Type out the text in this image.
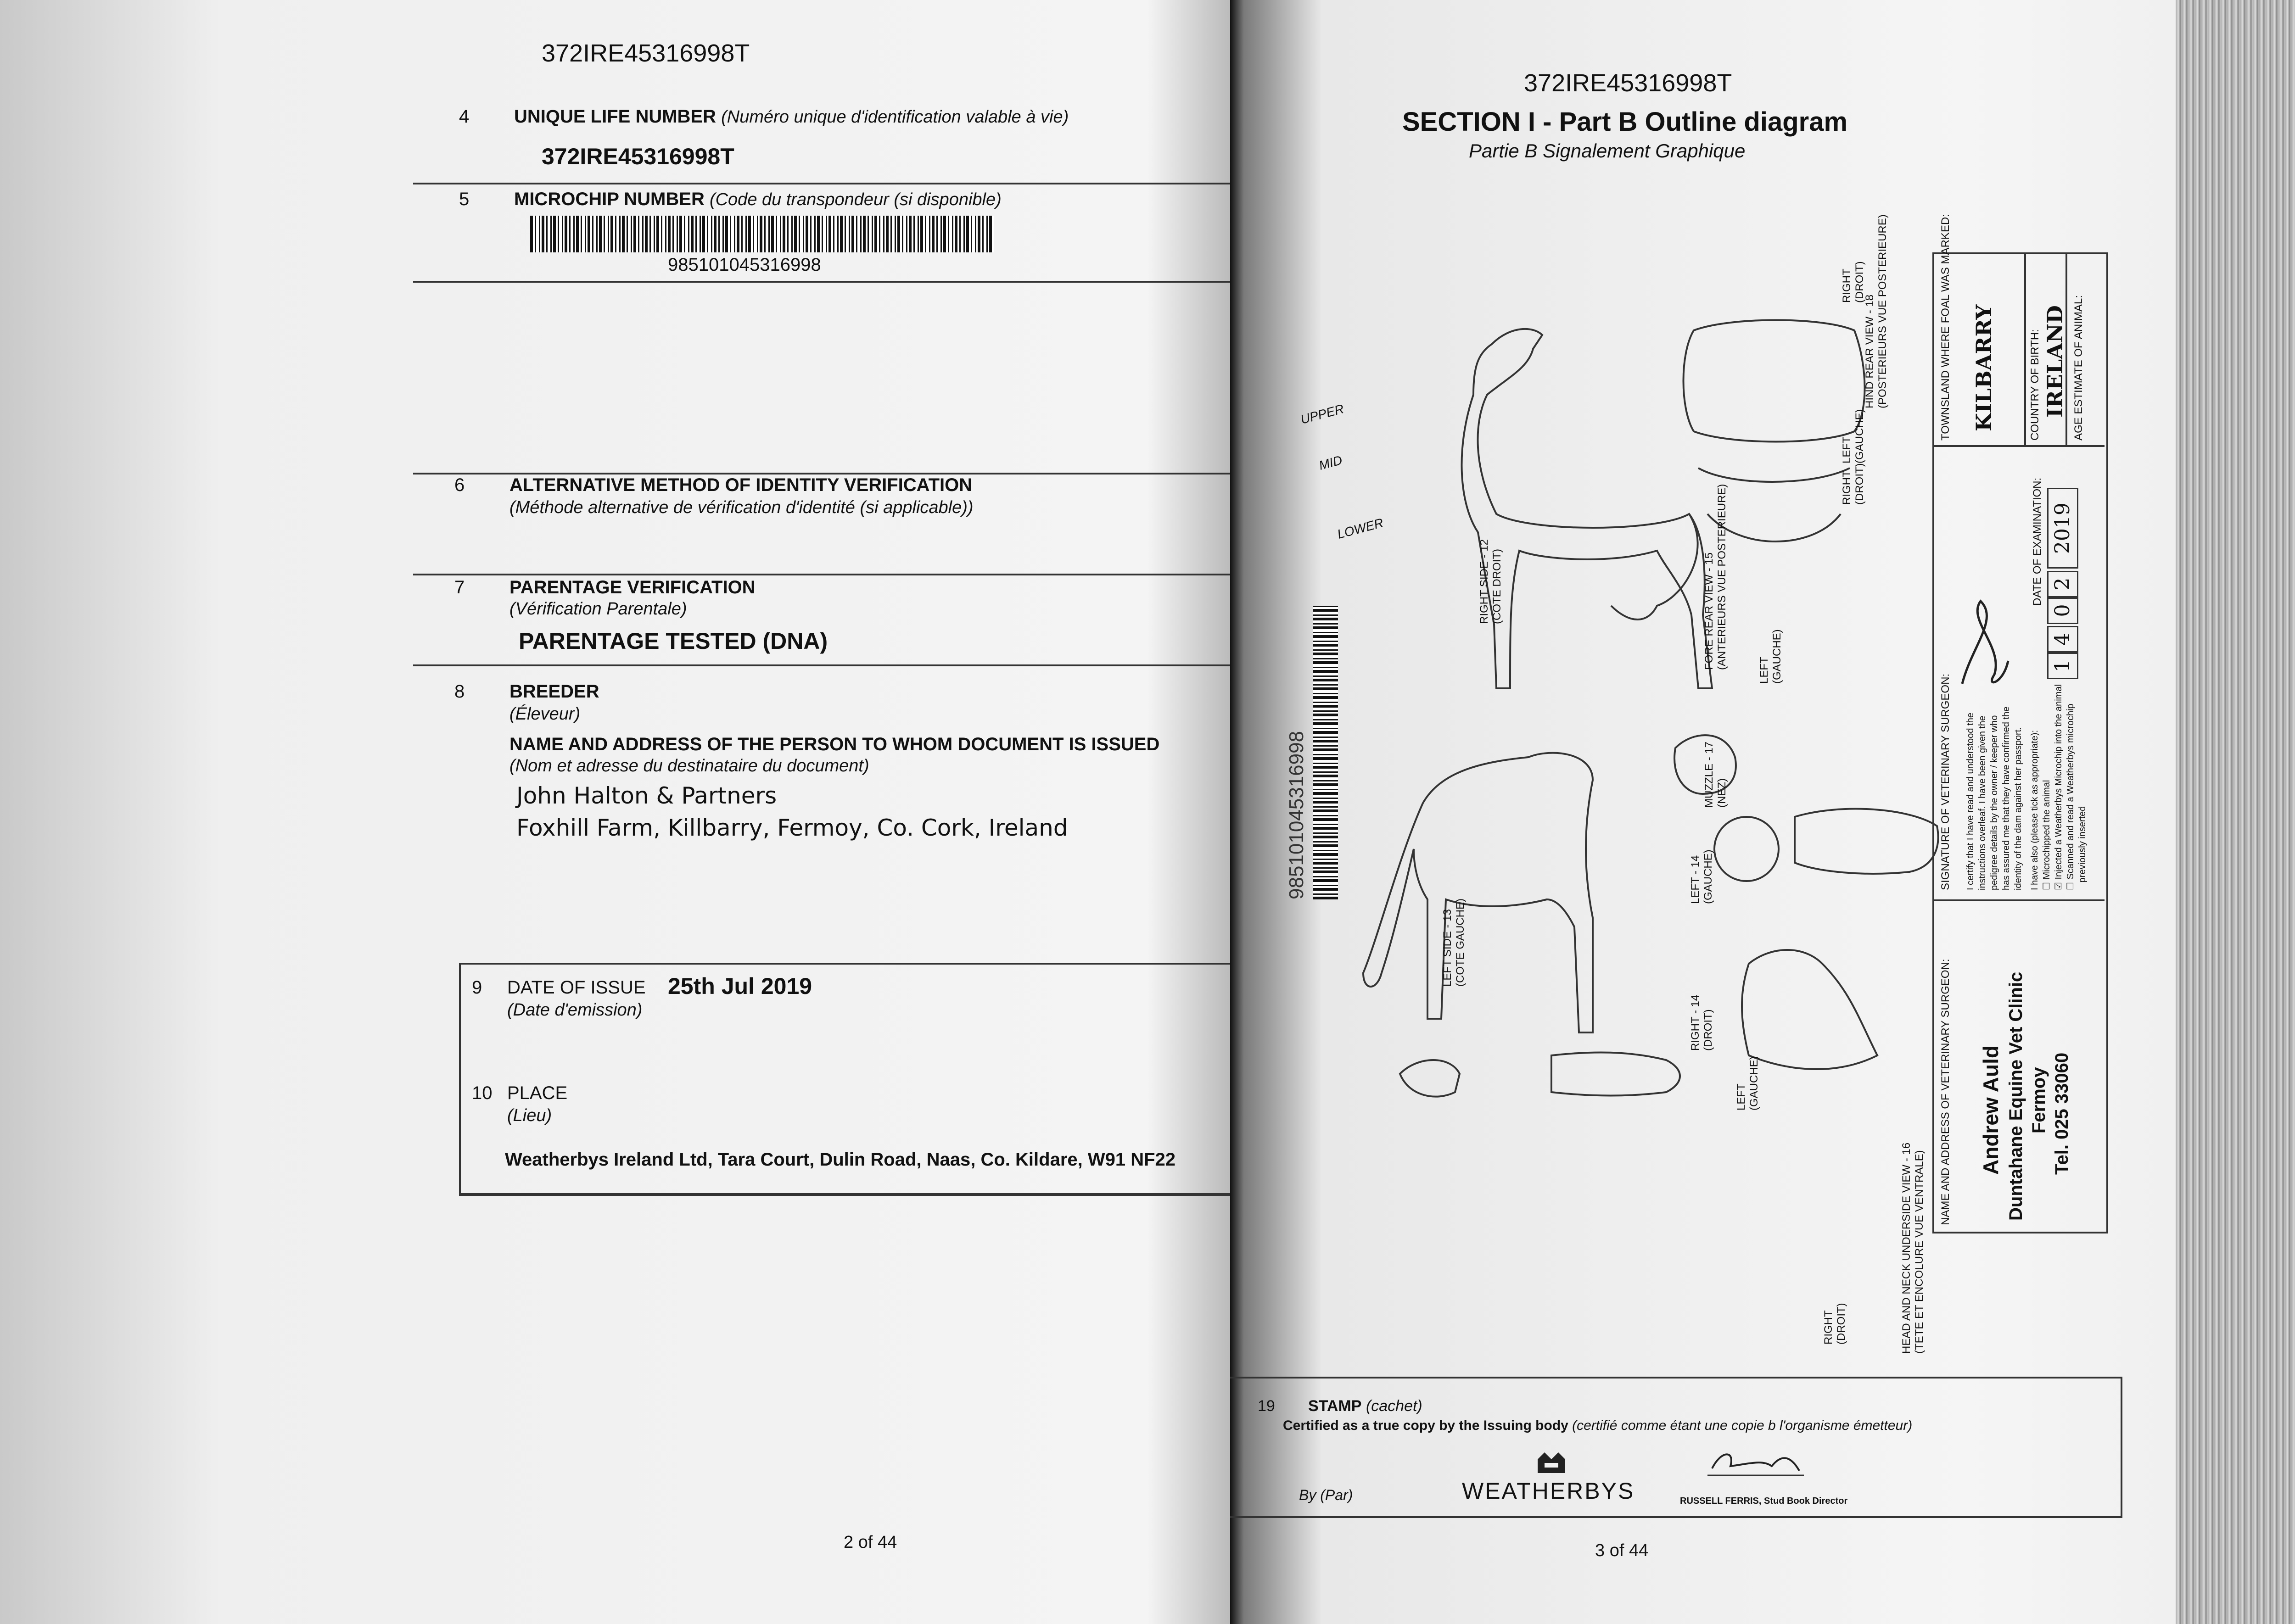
372IRE45316998T
4 UNIQUE LIFE NUMBER (Numéro unique d'identification valable à vie)
372IRE45316998T
5 MICROCHIP NUMBER (Code du transpondeur (si disponible)
985101045316998
6 ALTERNATIVE METHOD OF IDENTITY VERIFICATION
(Méthode alternative de vérification d'identité (si applicable))
7 PARENTAGE VERIFICATION
(Vérification Parentale)
PARENTAGE TESTED (DNA)
8 BREEDER
(Éleveur)
NAME AND ADDRESS OF THE PERSON TO WHOM DOCUMENT IS ISSUED
(Nom et adresse du destinataire du document)
John Halton & Partners
Foxhill Farm, Killbarry, Fermoy, Co. Cork, Ireland
9 DATE OF ISSUE 25th Jul 2019
(Date d'emission)
10 PLACE
(Lieu)
Weatherbys Ireland Ltd, Tara Court, Dulin Road, Naas, Co. Kildare, W91 NF22
2 of 44
372IRE45316998T
SECTION I - Part B Outline diagram
Partie B Signalement Graphique
985101045316998
UPPER
MID
LOWER
RIGHT SIDE - 12
(COTE DROIT)
LEFT SIDE - 13
(COTE GAUCHE)
FORE REAR VIEW - 15
(ANTERIEURS VUE POSTERIEURE)
HIND REAR VIEW - 18
(POSTERIEURS VUE POSTERIEURE)
MUZZLE - 17
(NEZ)
HEAD AND NECK UNDERSIDE VIEW - 16
(TETE ET ENCOLURE VUE VENTRALE)
LEFT - 14
(GAUCHE)
RIGHT - 14
(DROIT)
LEFT
(GAUCHE)
LEFT
(GAUCHE)
RIGHT
(DROIT)
RIGHT
(DROIT)
LEFT
(GAUCHE)
RIGHT
(DROIT)
NAME AND ADDRESS OF VETERINARY SURGEON: Andrew Auld Duntahane Equine Vet Clinic Fermoy Tel. 025 33060
SIGNATURE OF VETERINARY SURGEON: I certify that I have read and understood the instructions overleaf. I have been given the pedigree details by the owner / keeper who has assured me that they have confirmed the identity of the dam against her passport. I have also (please tick as appropriate): ☐ Microchipped the animal
☑ Injected a Weatherbys Microchip into the animal
☐ Scanned and read a Weatherbys microchip previously inserted
DATE OF EXAMINATION:
14 02 2019
TOWNSLAND WHERE FOAL WAS MARKED: KILBARRY	COUNTRY OF BIRTH: IRELAND AGE ESTIMATE OF ANIMAL:
19 STAMP (cachet)
Certified as a true copy by the Issuing body (certifié comme étant une copie b l'organisme émetteur)
By (Par)	WEATHERBYS	RUSSELL FERRIS, Stud Book Director
3 of 44
